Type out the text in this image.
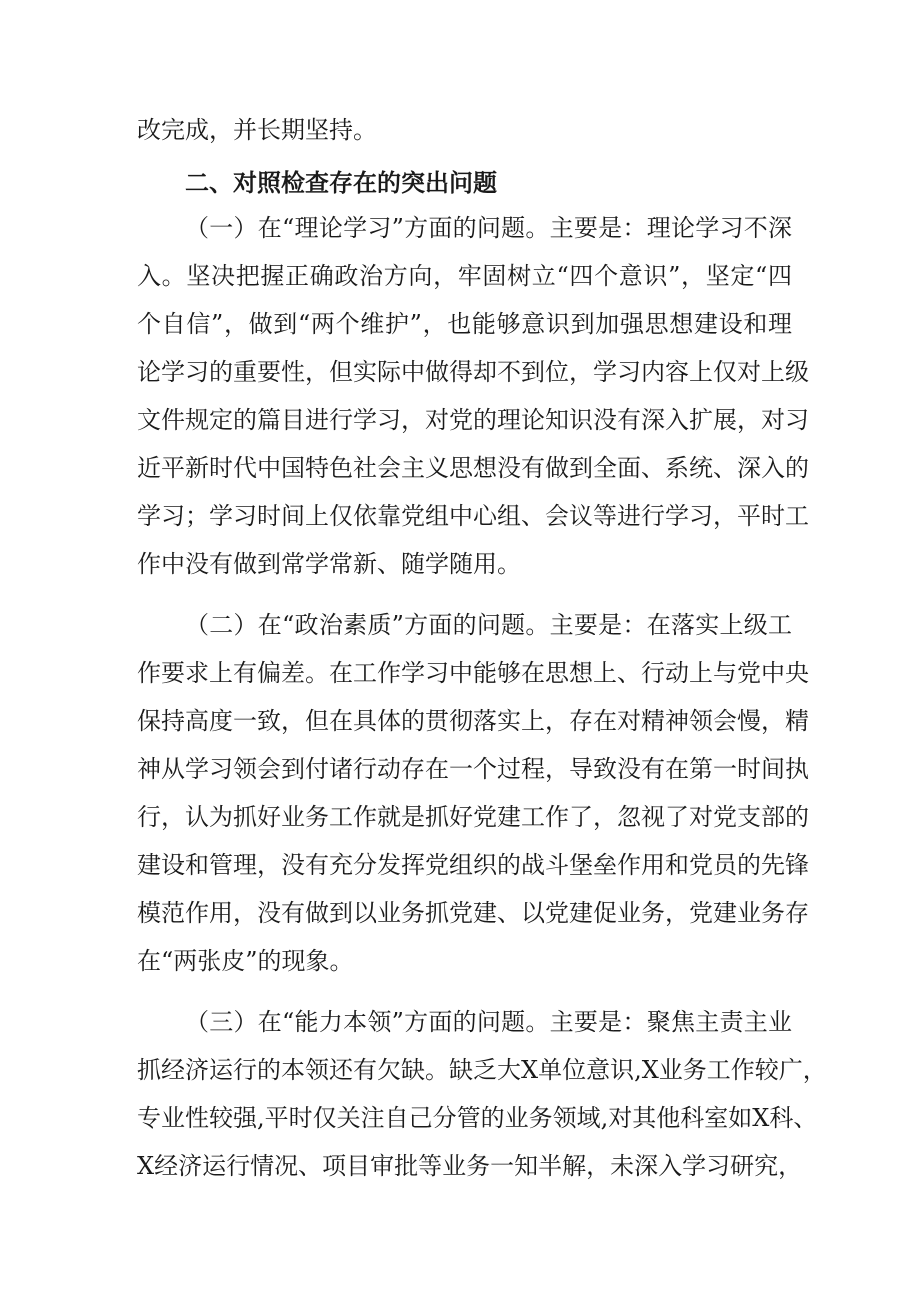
改完成，并长期坚持。
二、对照检查存在的突出问题
（一）在“理论学习”方面的问题。主要是：理论学习不深
入。坚决把握正确政治方向，牢固树立“四个意识”，坚定“四
个自信”，做到“两个维护”，也能够意识到加强思想建设和理
论学习的重要性，但实际中做得却不到位，学习内容上仅对上级
文件规定的篇目进行学习，对党的理论知识没有深入扩展，对习
近平新时代中国特色社会主义思想没有做到全面、系统、深入的
学习；学习时间上仅依靠党组中心组、会议等进行学习，平时工
作中没有做到常学常新、随学随用。
（二）在“政治素质”方面的问题。主要是：在落实上级工
作要求上有偏差。在工作学习中能够在思想上、行动上与党中央
保持高度一致，但在具体的贯彻落实上，存在对精神领会慢，精
神从学习领会到付诸行动存在一个过程，导致没有在第一时间执
行，认为抓好业务工作就是抓好党建工作了，忽视了对党支部的
建设和管理，没有充分发挥党组织的战斗堡垒作用和党员的先锋
模范作用，没有做到以业务抓党建、以党建促业务，党建业务存
在“两张皮”的现象。
（三）在“能力本领”方面的问题。主要是：聚焦主责主业
抓经济运行的本领还有欠缺。缺乏大X单位意识,X业务工作较广，
专业性较强,平时仅关注自己分管的业务领域,对其他科室如X科、
X经济运行情况、项目审批等业务一知半解，未深入学习研究，
